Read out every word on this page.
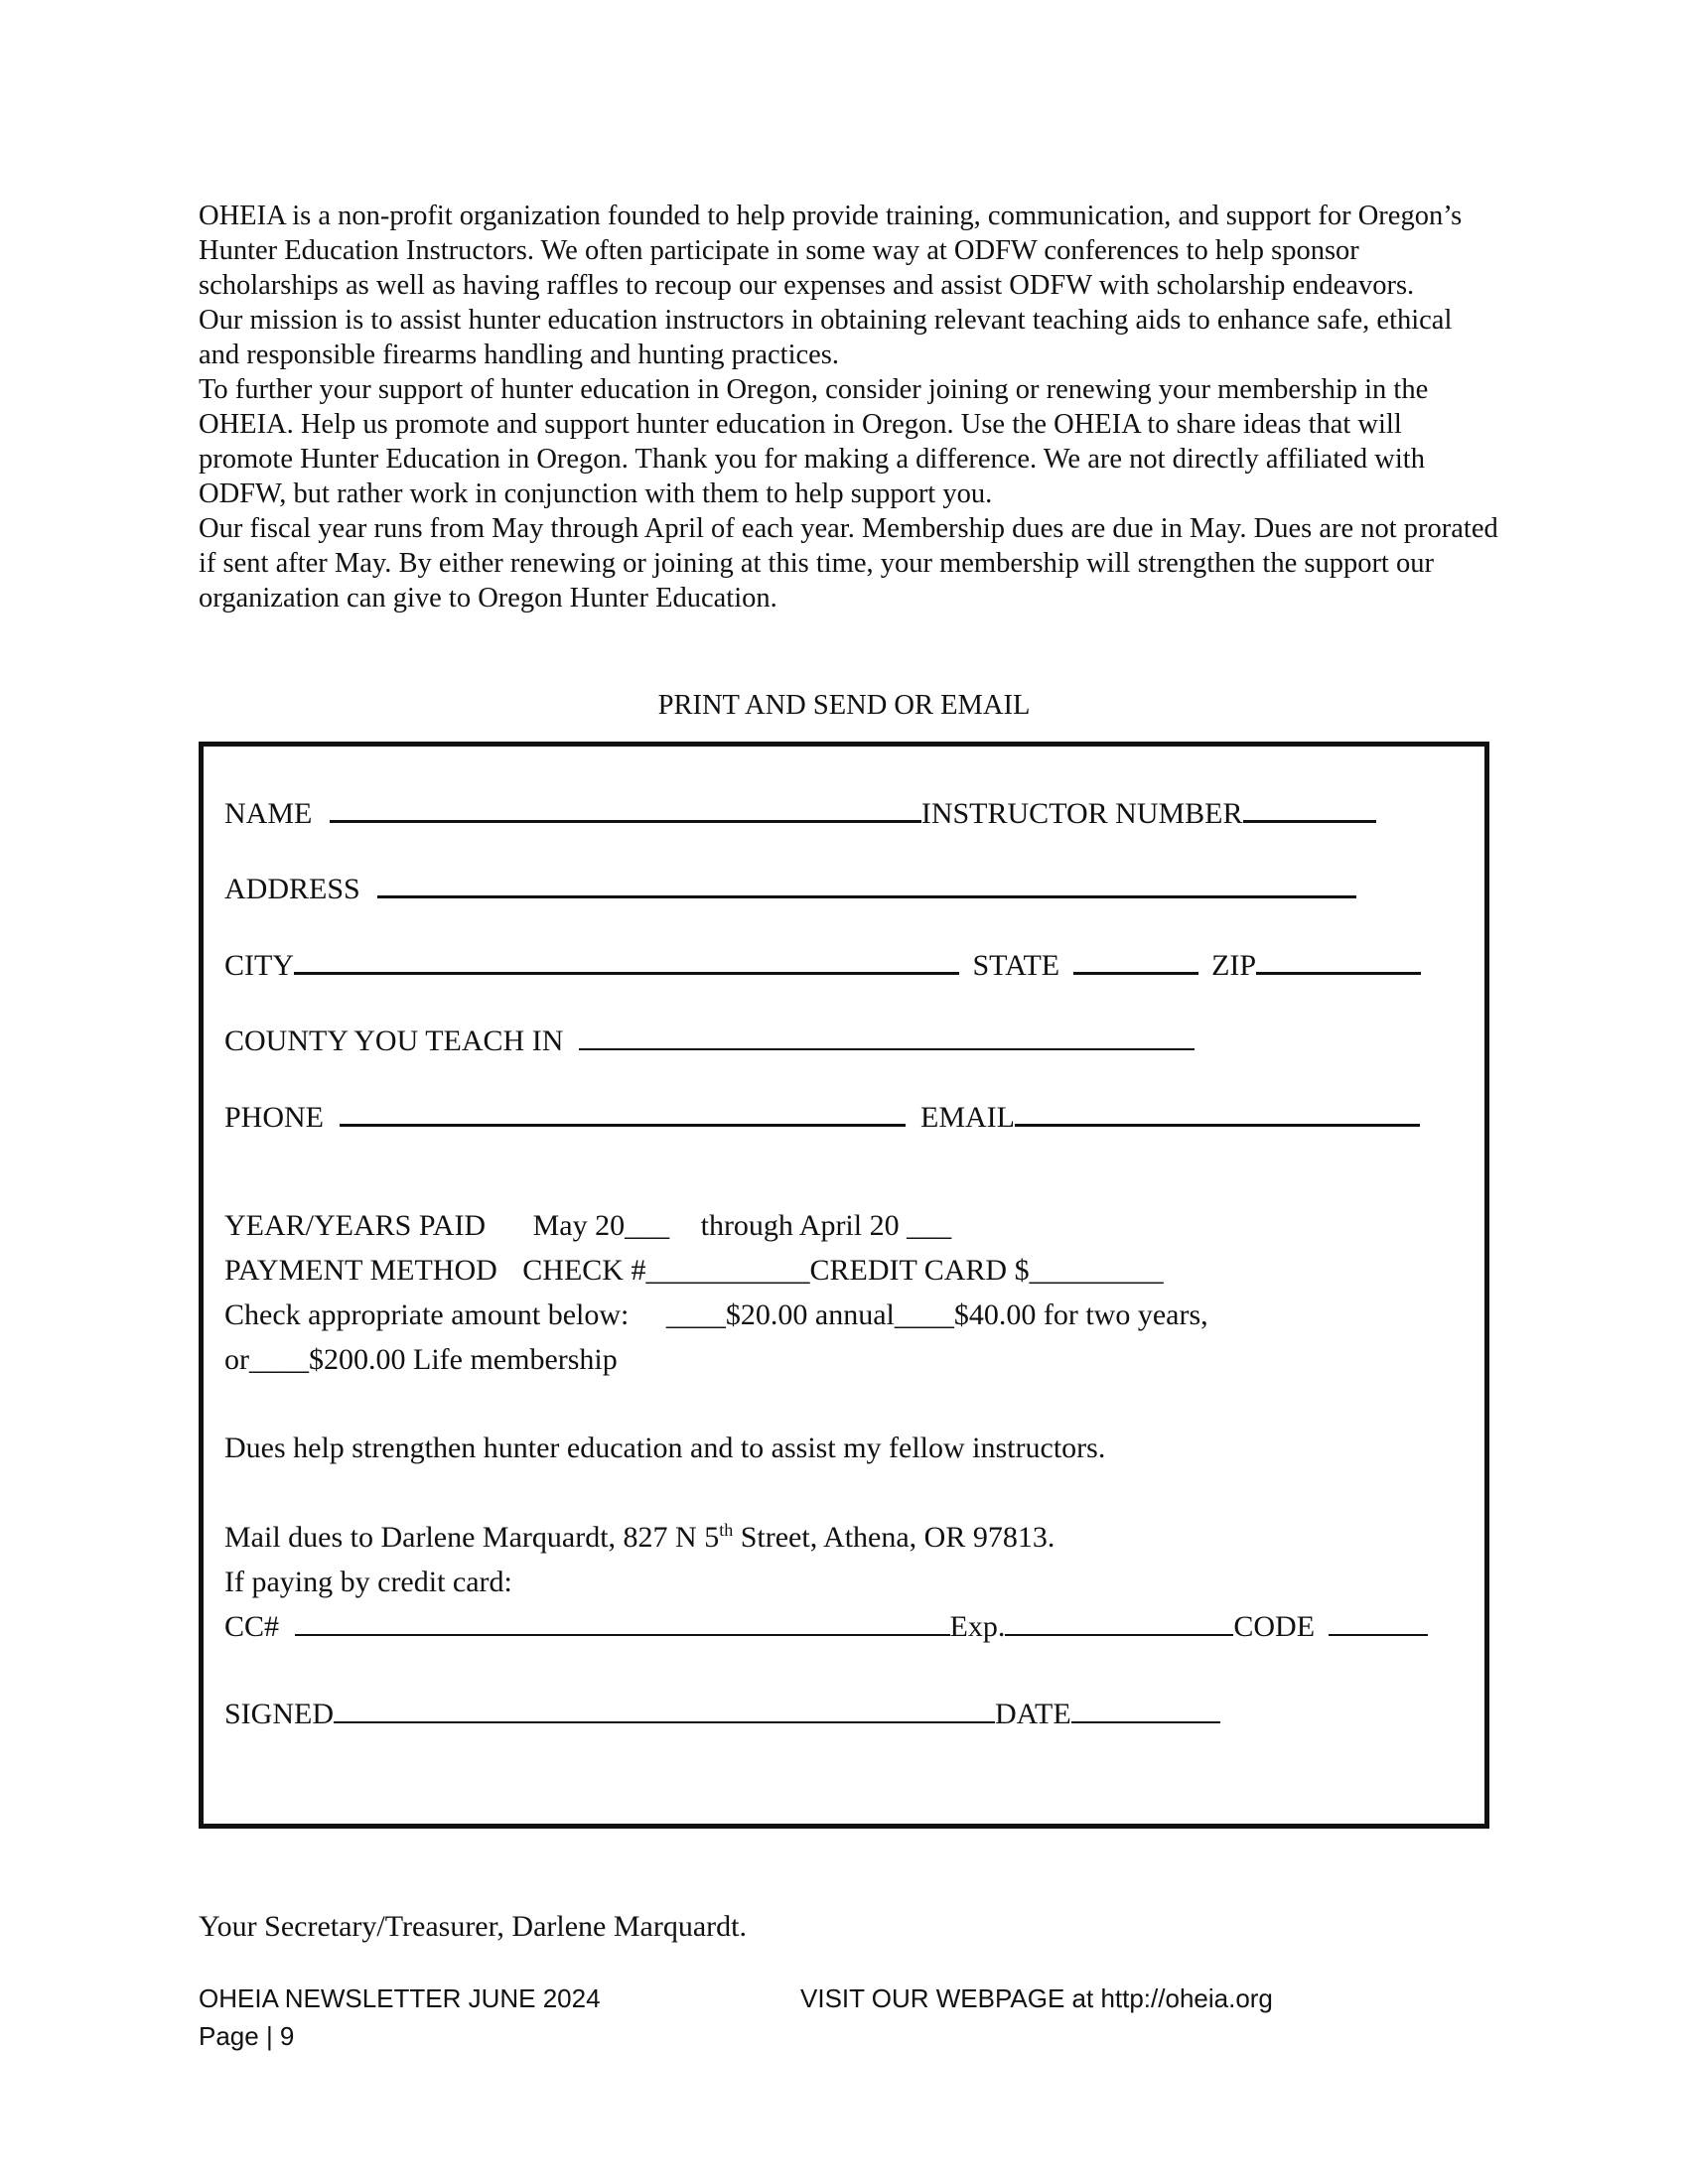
OHEIA is a non-profit organization founded to help provide training, communication, and support for Oregon’s Hunter Education Instructors. We often participate in some way at ODFW conferences to help sponsor scholarships as well as having raffles to recoup our expenses and assist ODFW with scholarship endeavors.

Our mission is to assist hunter education instructors in obtaining relevant teaching aids to enhance safe, ethical and responsible firearms handling and hunting practices.

To further your support of hunter education in Oregon, consider joining or renewing your membership in the OHEIA. Help us promote and support hunter education in Oregon. Use the OHEIA to share ideas that will promote Hunter Education in Oregon. Thank you for making a difference. We are not directly affiliated with ODFW, but rather work in conjunction with them to help support you.

Our fiscal year runs from May through April of each year. Membership dues are due in May. Dues are not prorated if sent after May. By either renewing or joining at this time, your membership will strengthen the support our organization can give to Oregon Hunter Education.

PRINT AND SEND OR EMAIL
NAME	INSTRUCTOR NUMBER
ADDRESS
CITY	STATE	ZIP
COUNTY YOU TEACH IN
PHONE	EMAIL
YEAR/YEARS PAID May 20___ through April 20 ___
PAYMENT METHOD CHECK #___________CREDIT CARD $_________
Check appropriate amount below: ____$20.00 annual____$40.00 for two years,
or____$200.00 Life membership
Dues help strengthen hunter education and to assist my fellow instructors.
Mail dues to Darlene Marquardt, 827 N 5th Street, Athena, OR 97813.
If paying by credit card:
CC#	Exp.	CODE
SIGNED	DATE
Your Secretary/Treasurer, Darlene Marquardt.
OHEIA NEWSLETTER JUNE 2024
Page | 9
VISIT OUR WEBPAGE at http://oheia.org
